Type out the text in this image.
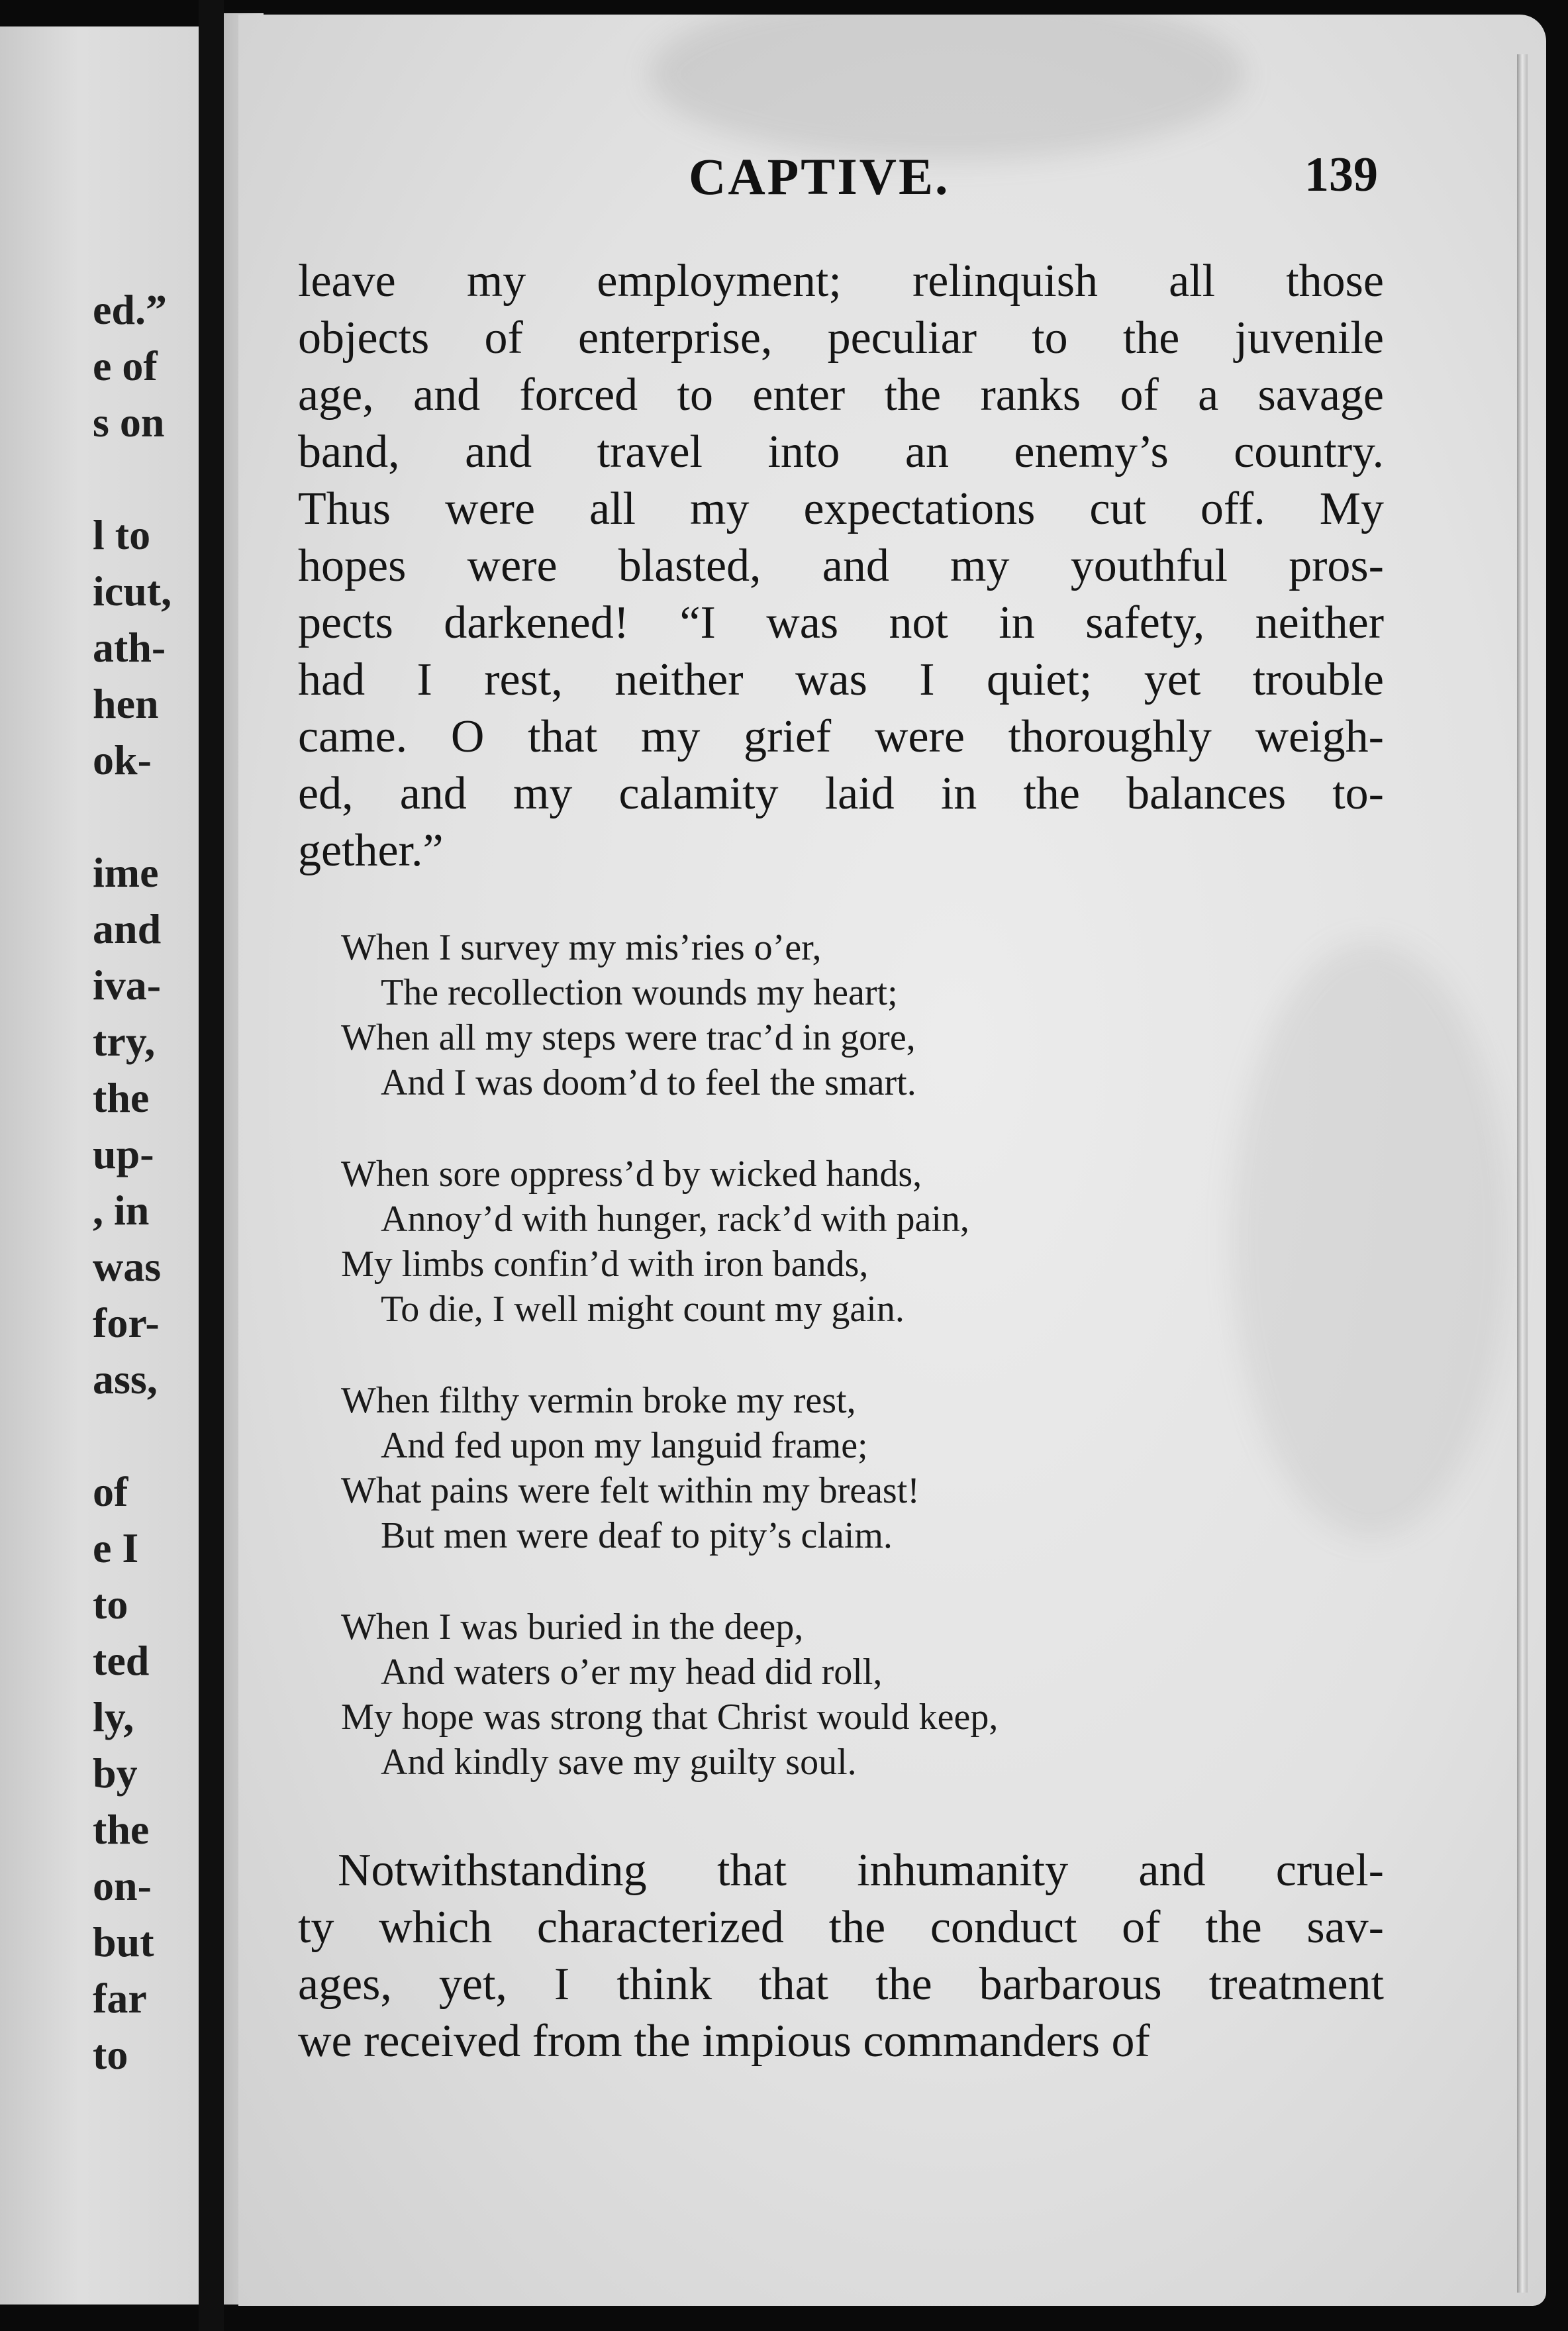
ed.”
e of
s on
l to
icut,
ath-
hen
ok-
ime
and
iva-
try,
the
up-
, in
was
for-
ass,
of
e I
to
ted
ly,
by
the
on-
but
far
to
CAPTIVE.	139

leave my employment; relinquish all those
objects of enterprise, peculiar to the juvenile
age, and forced to enter the ranks of a savage
band, and travel into an enemy’s country.
Thus were all my expectations cut off. My
hopes were blasted, and my youthful pros-
pects darkened! “I was not in safety, neither
had I rest, neither was I quiet; yet trouble
came. O that my grief were thoroughly weigh-
ed, and my calamity laid in the balances to-
gether.”

When I survey my mis’ries o’er,
The recollection wounds my heart;
When all my steps were trac’d in gore,
And I was doom’d to feel the smart.
When sore oppress’d by wicked hands,
Annoy’d with hunger, rack’d with pain,
My limbs confin’d with iron bands,
To die, I well might count my gain.
When filthy vermin broke my rest,
And fed upon my languid frame;
What pains were felt within my breast!
But men were deaf to pity’s claim.
When I was buried in the deep,
And waters o’er my head did roll,
My hope was strong that Christ would keep,
And kindly save my guilty soul.

Notwithstanding that inhumanity and cruel-
ty which characterized the conduct of the sav-
ages, yet, I think that the barbarous treatment
we received from the impious commanders of
